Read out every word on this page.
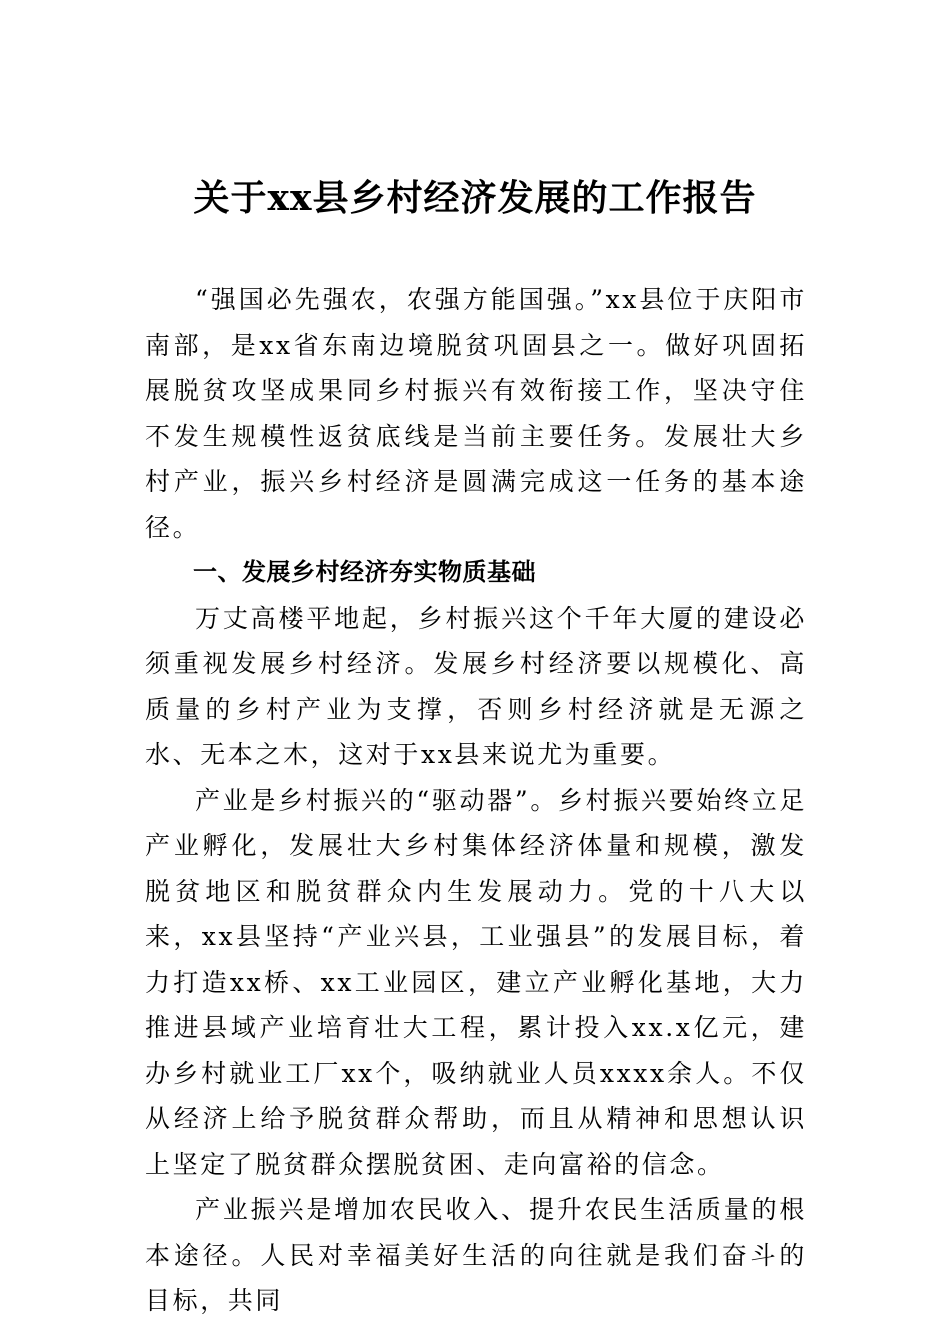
关于xx县乡村经济发展的工作报告

“强国必先强农，农强方能国强。”xx县位于庆阳市南部，是xx省东南边境脱贫巩固县之一。做好巩固拓展脱贫攻坚成果同乡村振兴有效衔接工作，坚决守住不发生规模性返贫底线是当前主要任务。发展壮大乡村产业，振兴乡村经济是圆满完成这一任务的基本途径。

一、发展乡村经济夯实物质基础

万丈高楼平地起，乡村振兴这个千年大厦的建设必须重视发展乡村经济。发展乡村经济要以规模化、高质量的乡村产业为支撑，否则乡村经济就是无源之水、无本之木，这对于xx县来说尤为重要。

产业是乡村振兴的“驱动器”。乡村振兴要始终立足产业孵化，发展壮大乡村集体经济体量和规模，激发脱贫地区和脱贫群众内生发展动力。党的十八大以来，xx县坚持“产业兴县，工业强县”的发展目标，着力打造xx桥、xx工业园区，建立产业孵化基地，大力推进县域产业培育壮大工程，累计投入xx.x亿元，建办乡村就业工厂xx个，吸纳就业人员xxxx余人。不仅从经济上给予脱贫群众帮助，而且从精神和思想认识上坚定了脱贫群众摆脱贫困、走向富裕的信念。

产业振兴是增加农民收入、提升农民生活质量的根本途径。人民对幸福美好生活的向往就是我们奋斗的目标，共同
